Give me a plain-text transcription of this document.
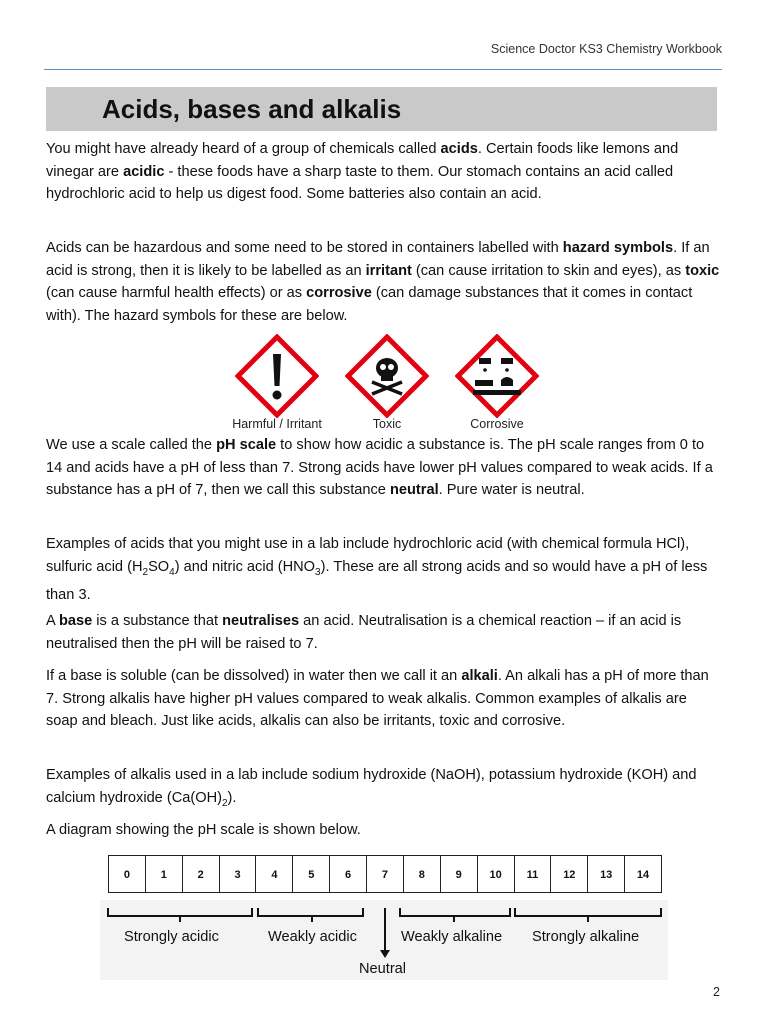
Science Doctor KS3 Chemistry Workbook
Acids, bases and alkalis

You might have already heard of a group of chemicals called acids. Certain foods like lemons and vinegar are acidic - these foods have a sharp taste to them. Our stomach contains an acid called hydrochloric acid to help us digest food. Some batteries also contain an acid.

Acids can be hazardous and some need to be stored in containers labelled with hazard symbols. If an acid is strong, then it is likely to be labelled as an irritant (can cause irritation to skin and eyes), as toxic (can cause harmful health effects) or as corrosive (can damage substances that it comes in contact with). The hazard symbols for these are below.

Harmful / Irritant	Toxic	Corrosive

We use a scale called the pH scale to show how acidic a substance is. The pH scale ranges from 0 to 14 and acids have a pH of less than 7. Strong acids have lower pH values compared to weak acids. If a substance has a pH of 7, then we call this substance neutral. Pure water is neutral.

Examples of acids that you might use in a lab include hydrochloric acid (with chemical formula HCl), sulfuric acid $(H_2SO_4)$ and nitric acid $(HNO_3)$. These are all strong acids and so would have a pH of less than 3.

A base is a substance that neutralises an acid. Neutralisation is a chemical reaction – if an acid is neutralised then the pH will be raised to 7.

If a base is soluble (can be dissolved) in water then we call it an alkali. An alkali has a pH of more than 7. Strong alkalis have higher pH values compared to weak alkalis. Common examples of alkalis are soap and bleach. Just like acids, alkalis can also be irritants, toxic and corrosive.

Examples of alkalis used in a lab include sodium hydroxide (NaOH), potassium hydroxide (KOH) and calcium hydroxide $(Ca(OH)_2)$.

A diagram showing the pH scale is shown below.

0	1	2	3	4	5	6	7	8	9	10	11	12	13	14
Strongly acidic	Weakly acidic	Weakly alkaline Strongly alkaline
Neutral
2
